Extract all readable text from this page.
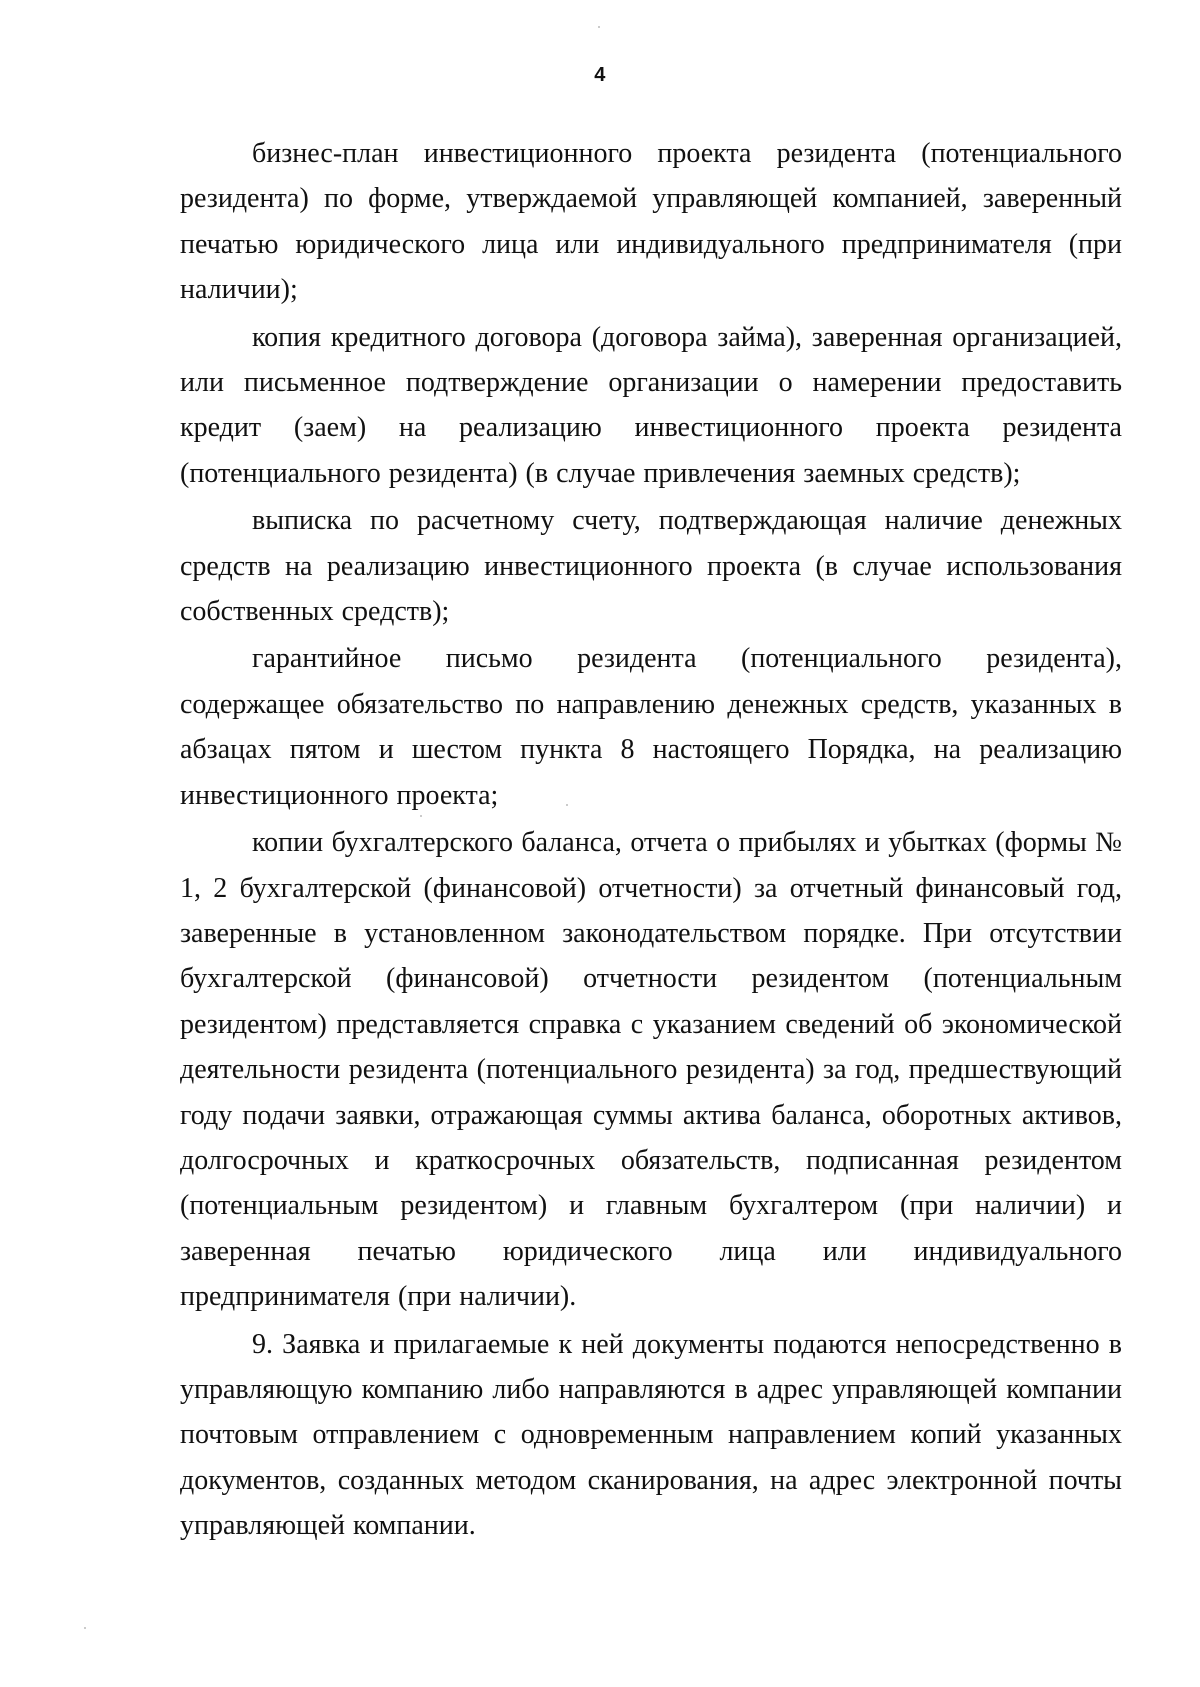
4

бизнес-план инвестиционного проекта резидента (потенциального резидента) по форме, утверждаемой управляющей компанией, заверенный печатью юридического лица или индивидуального предпринимателя (при наличии);

копия кредитного договора (договора займа), заверенная организацией, или письменное подтверждение организации о намерении предоставить кредит (заем) на реализацию инвестиционного проекта резидента (потенциального резидента) (в случае привлечения заемных средств);

выписка по расчетному счету, подтверждающая наличие денежных средств на реализацию инвестиционного проекта (в случае использования собственных средств);

гарантийное письмо резидента (потенциального резидента), содержащее обязательство по направлению денежных средств, указанных в абзацах пятом и шестом пункта 8 настоящего Порядка, на реализацию инвестиционного проекта;

копии бухгалтерского баланса, отчета о прибылях и убытках (формы № 1, 2 бухгалтерской (финансовой) отчетности) за отчетный финансовый год, заверенные в установленном законодательством порядке. При отсутствии бухгалтерской (финансовой) отчетности резидентом (потенциальным резидентом) представляется справка с указанием сведений об экономической деятельности резидента (потенциального резидента) за год, предшествующий году подачи заявки, отражающая суммы актива баланса, оборотных активов, долгосрочных и краткосрочных обязательств, подписанная резидентом (потенциальным резидентом) и главным бухгалтером (при наличии) и заверенная печатью юридического лица или индивидуального предпринимателя (при наличии).

9. Заявка и прилагаемые к ней документы подаются непосредственно в управляющую компанию либо направляются в адрес управляющей компании почтовым отправлением с одновременным направлением копий указанных документов, созданных методом сканирования, на адрес электронной почты управляющей компании.
